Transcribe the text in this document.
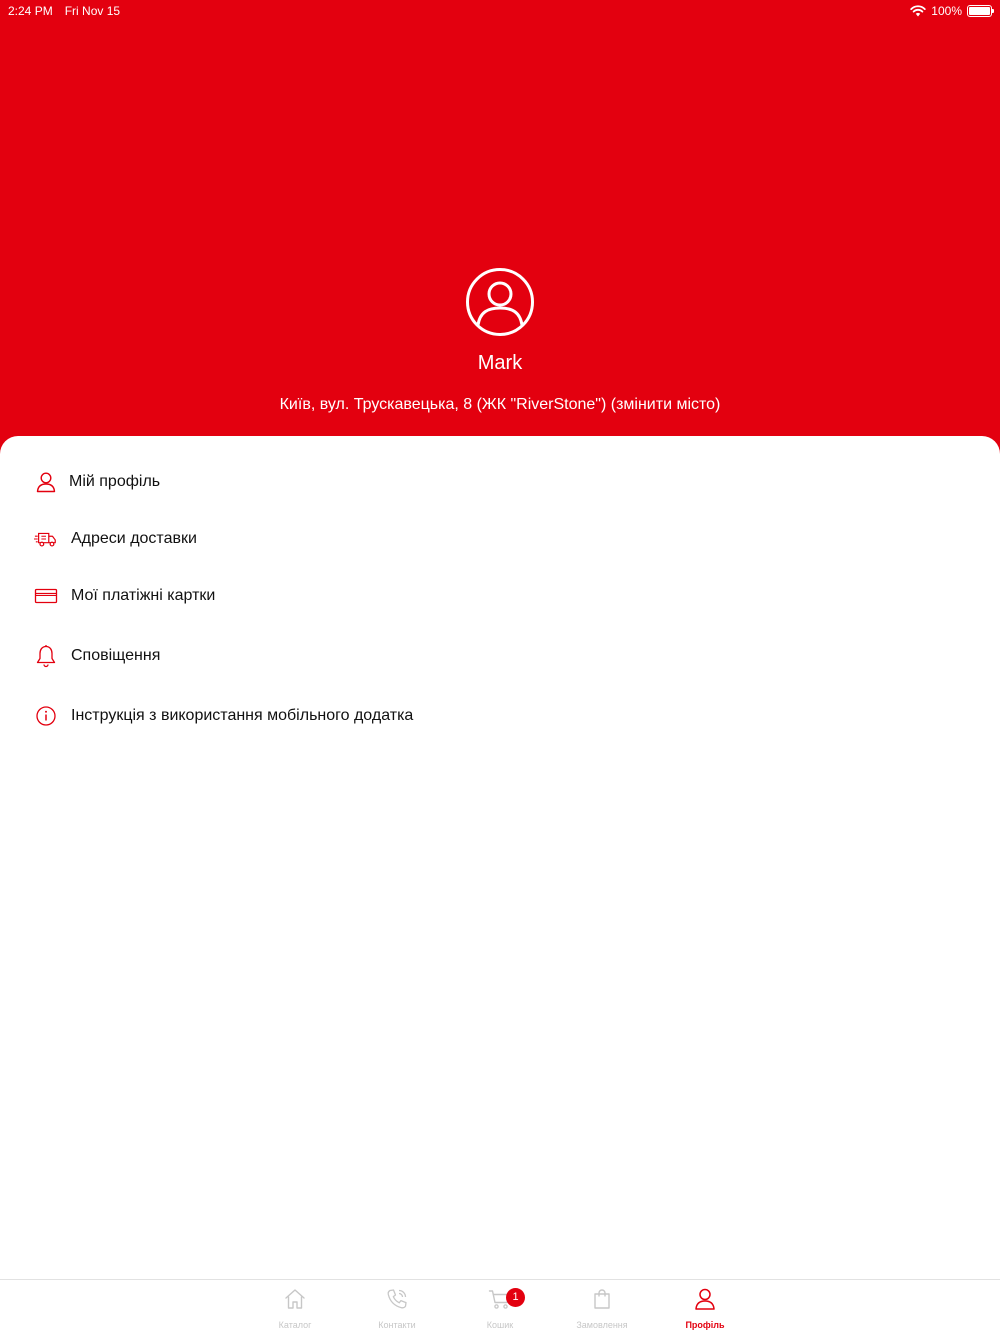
2:24 PM Fri Nov 15	100%
Mark
Київ, вул. Трускавецька, 8 (ЖК "RiverStone") (змінити місто)
Мій профіль
Адреси доставки
Мої платіжні картки
Сповіщення
Інструкція з використання мобільного додатка
Каталог	Контакти
1
Кошик	Замовлення	Профіль
